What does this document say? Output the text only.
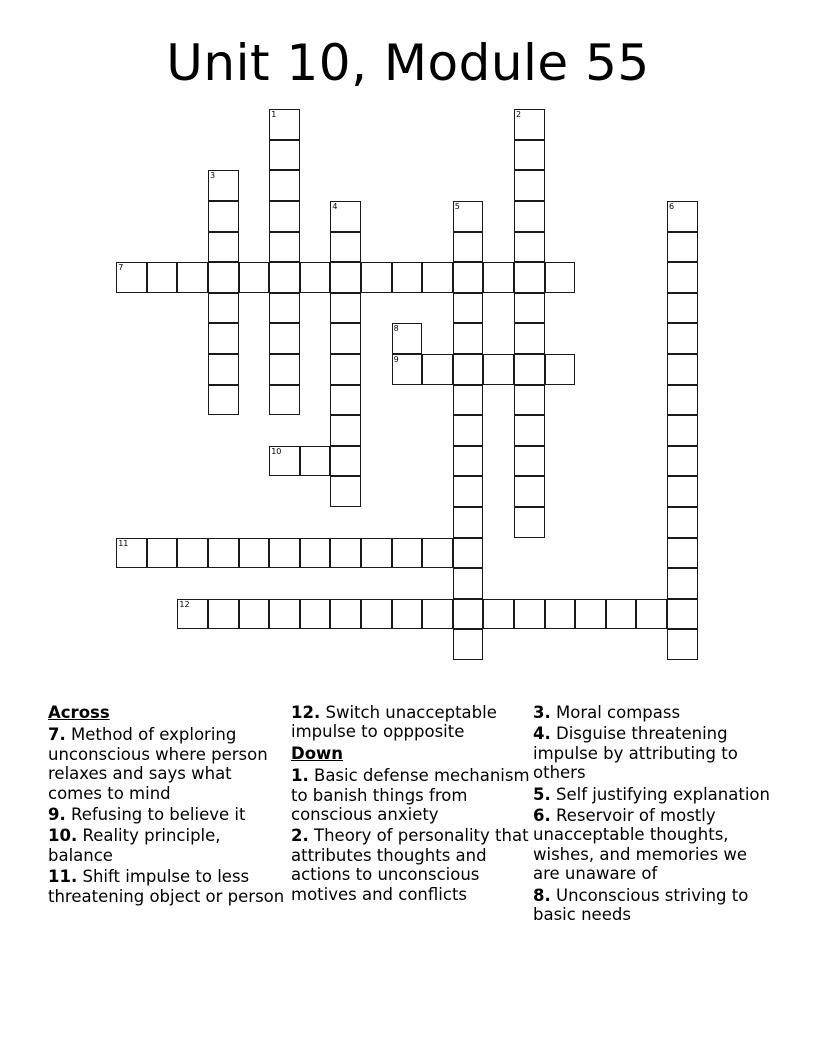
Unit 10, Module 55
1	2
3
4	5	6
7
8
9
10
11
12
Across
7. Method of exploring unconscious where person relaxes and says what comes to mind
9. Refusing to believe it
10. Reality principle, balance
11. Shift impulse to less threatening object or person
12. Switch unacceptable impulse to oppposite
Down
1. Basic defense mechanism to banish things from conscious anxiety
2. Theory of personality that attributes thoughts and actions to unconscious motives and conflicts
3. Moral compass
4. Disguise threatening impulse by attributing to others
5. Self justifying explanation
6. Reservoir of mostly unacceptable thoughts, wishes, and memories we are unaware of
8. Unconscious striving to basic needs
